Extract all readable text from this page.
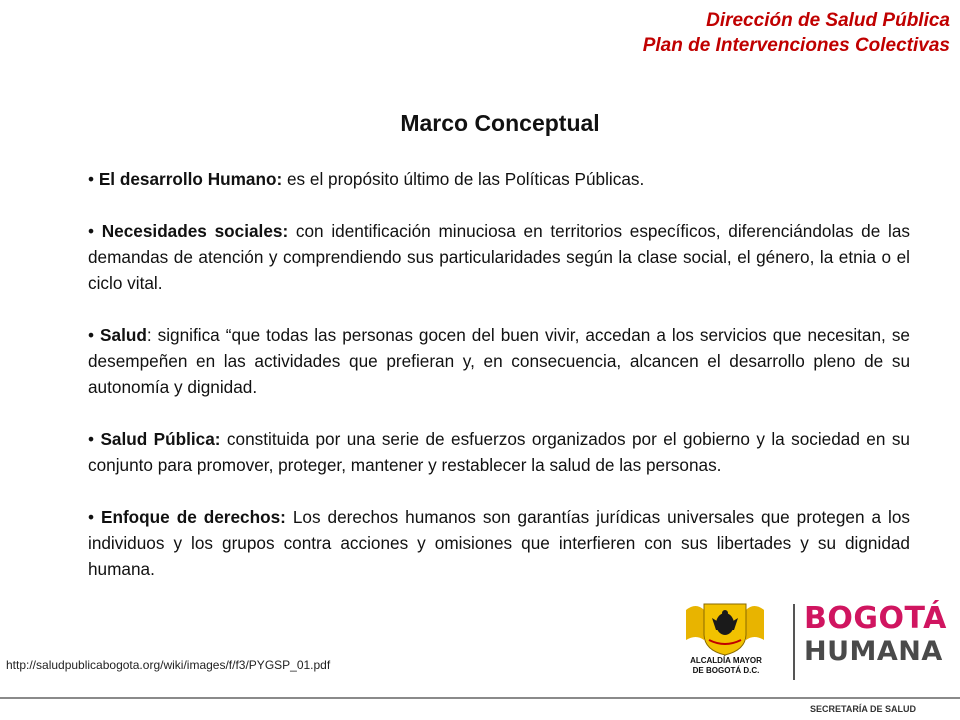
Dirección de Salud Pública
Plan de Intervenciones Colectivas
Marco Conceptual

• El desarrollo Humano: es el propósito último de las Políticas Públicas.

• Necesidades sociales: con identificación minuciosa en territorios específicos, diferenciándolas de las demandas de atención y comprendiendo sus particularidades según la clase social, el género, la etnia o el ciclo vital.

• Salud: significa “que todas las personas gocen del buen vivir, accedan a los servicios que necesitan, se desempeñen en las actividades que prefieran y, en consecuencia, alcancen el desarrollo pleno de su autonomía y dignidad.

• Salud Pública: constituida por una serie de esfuerzos organizados por el gobierno y la sociedad en su conjunto para promover, proteger, mantener y restablecer la salud de las personas.

• Enfoque de derechos: Los derechos humanos son garantías jurídicas universales que protegen a los individuos y los grupos contra acciones y omisiones que interfieren con sus libertades y su dignidad humana.

http://saludpublicabogota.org/wiki/images/f/f3/PYGSP_01.pdf	ALCALDÍA MAYOR
DE BOGOTÁ D.C.
BOGOTÁ
HUMANA
SECRETARÍA DE SALUD
